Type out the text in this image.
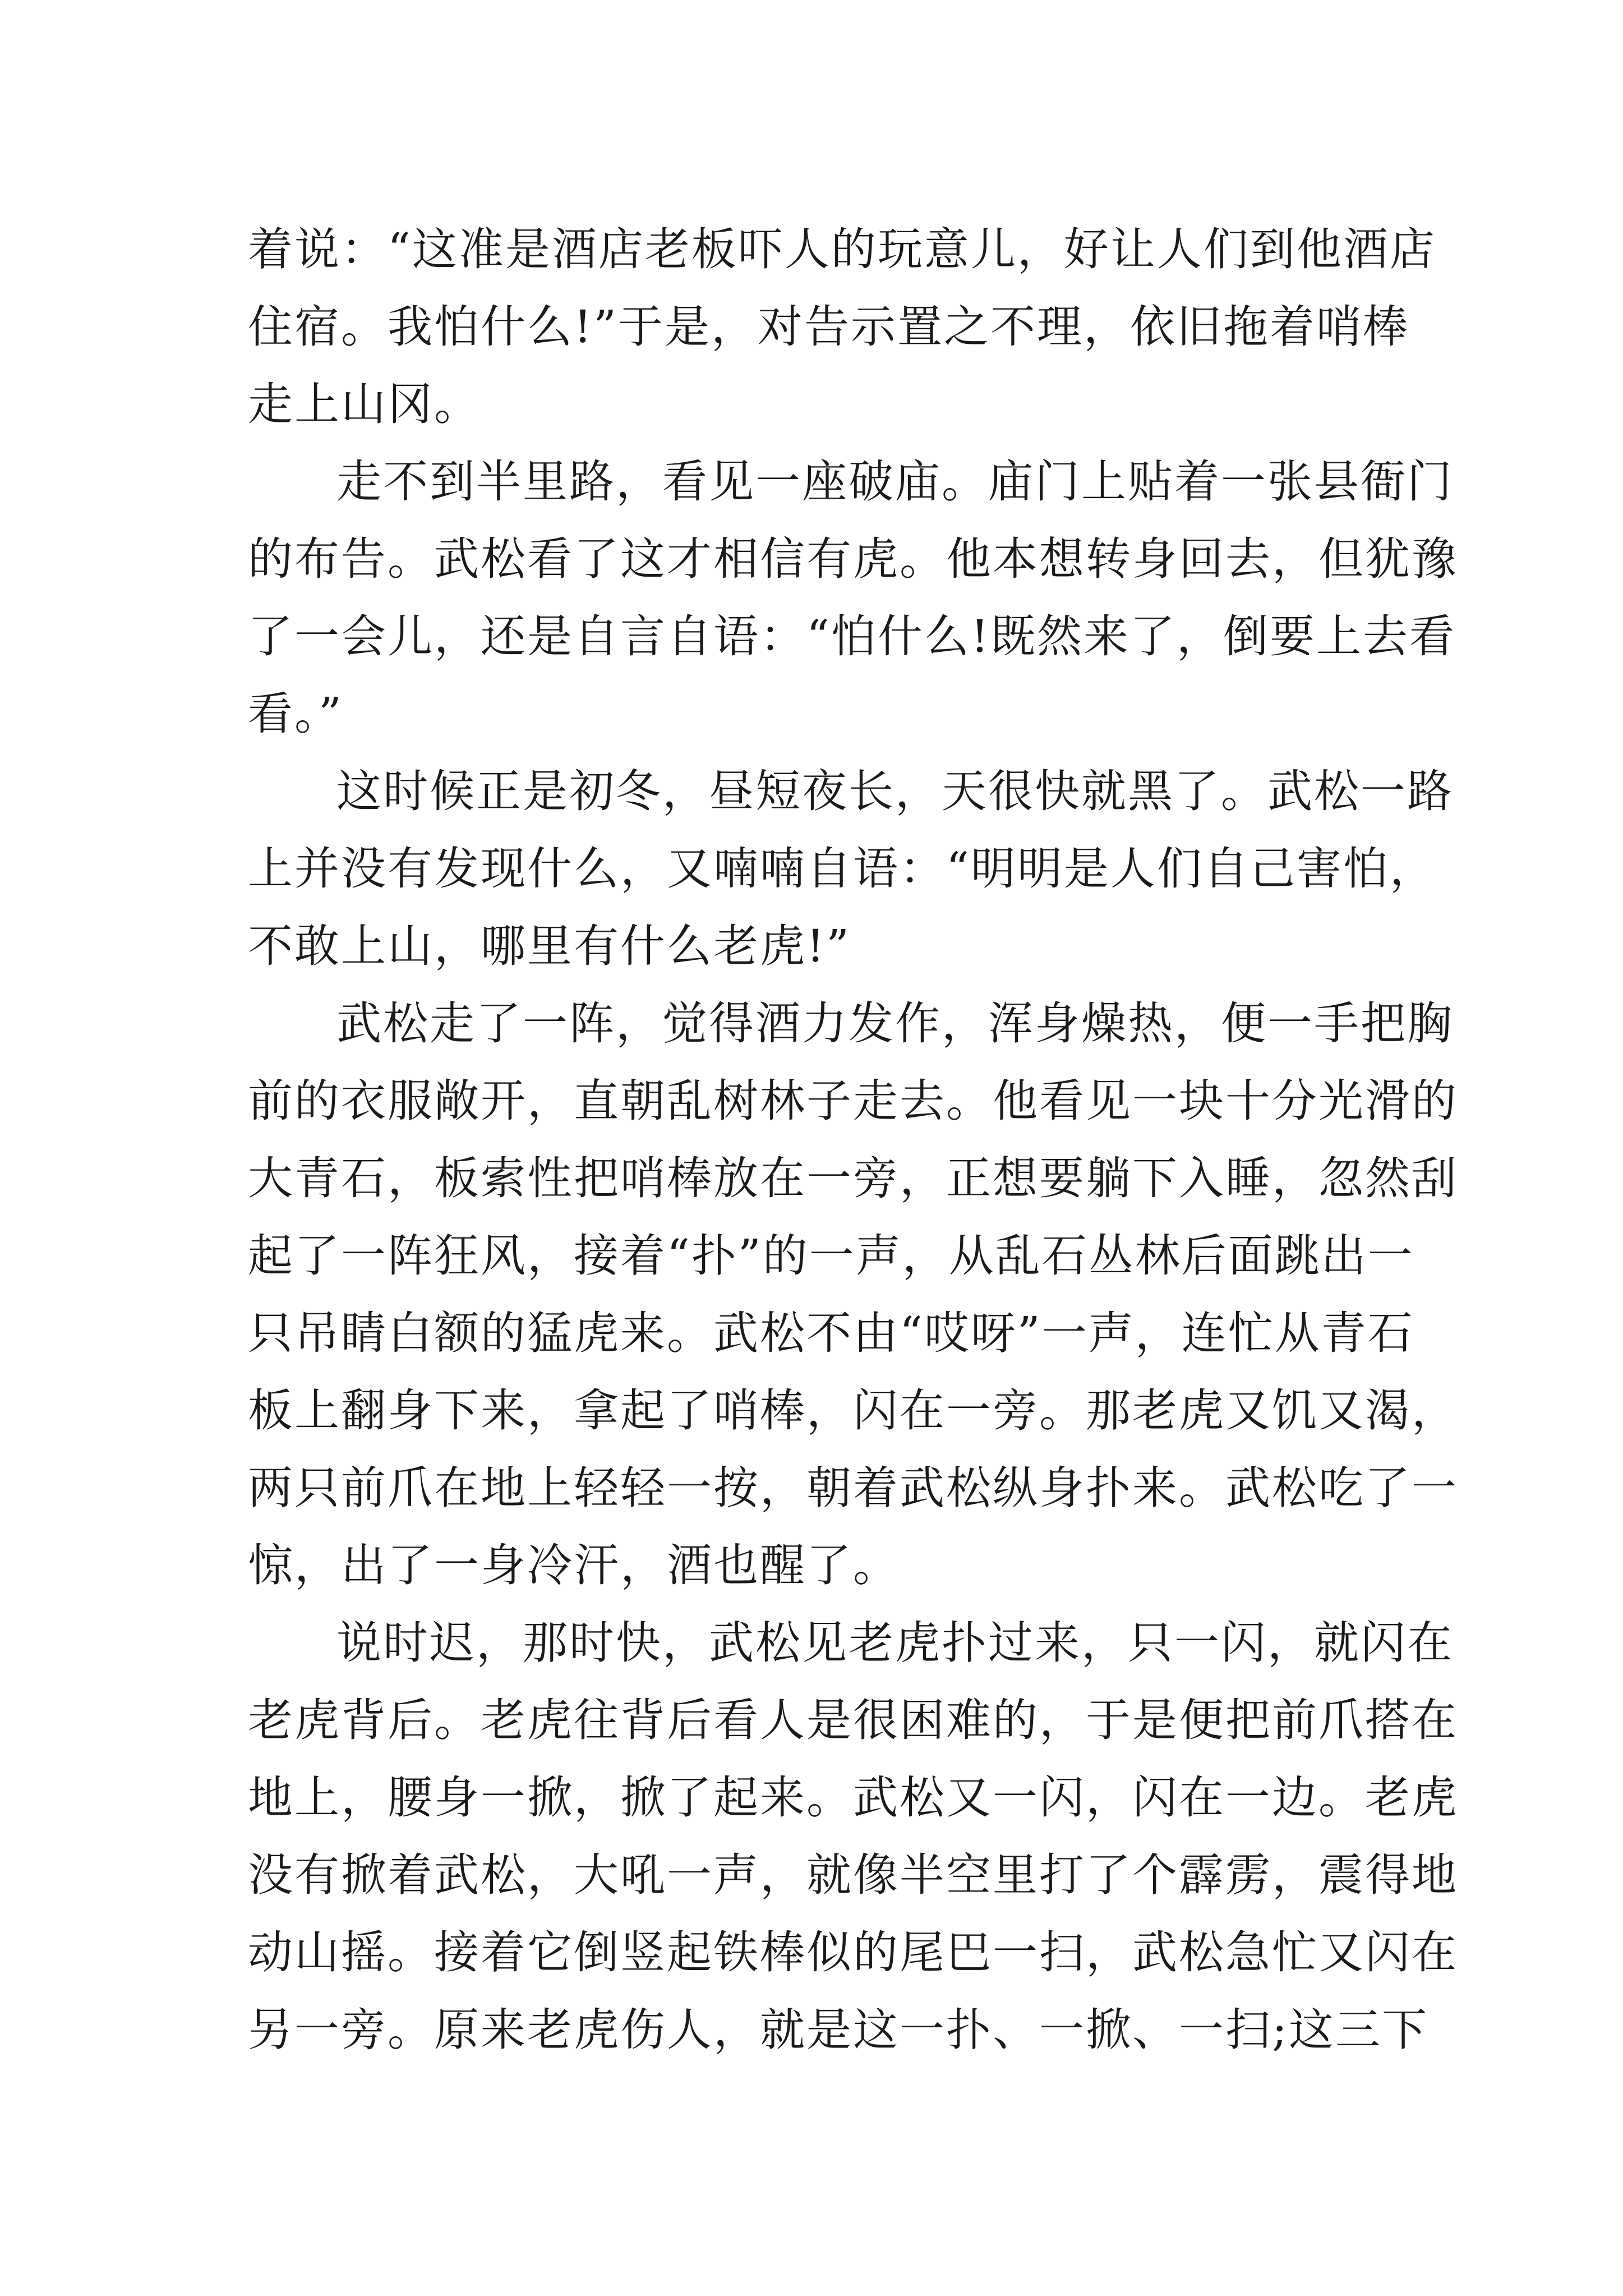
着说：“这准是酒店老板吓人的玩意儿，好让人们到他酒店
住宿。我怕什么!”于是，对告示置之不理，依旧拖着哨棒
走上山冈。
走不到半里路，看见一座破庙。庙门上贴着一张县衙门
的布告。武松看了这才相信有虎。他本想转身回去，但犹豫
了一会儿，还是自言自语：“怕什么!既然来了，倒要上去看
看。”
这时候正是初冬，昼短夜长，天很快就黑了。武松一路
上并没有发现什么，又喃喃自语：“明明是人们自己害怕，
不敢上山，哪里有什么老虎!”
武松走了一阵，觉得酒力发作，浑身燥热，便一手把胸
前的衣服敞开，直朝乱树林子走去。他看见一块十分光滑的
大青石，板索性把哨棒放在一旁，正想要躺下入睡，忽然刮
起了一阵狂风，接着“扑”的一声，从乱石丛林后面跳出一
只吊睛白额的猛虎来。武松不由“哎呀”一声，连忙从青石
板上翻身下来，拿起了哨棒，闪在一旁。那老虎又饥又渴，
两只前爪在地上轻轻一按，朝着武松纵身扑来。武松吃了一
惊，出了一身冷汗，酒也醒了。
说时迟，那时快，武松见老虎扑过来，只一闪，就闪在
老虎背后。老虎往背后看人是很困难的，于是便把前爪搭在
地上，腰身一掀，掀了起来。武松又一闪，闪在一边。老虎
没有掀着武松，大吼一声，就像半空里打了个霹雳，震得地
动山摇。接着它倒竖起铁棒似的尾巴一扫，武松急忙又闪在
另一旁。原来老虎伤人，就是这一扑、一掀、一扫;这三下
